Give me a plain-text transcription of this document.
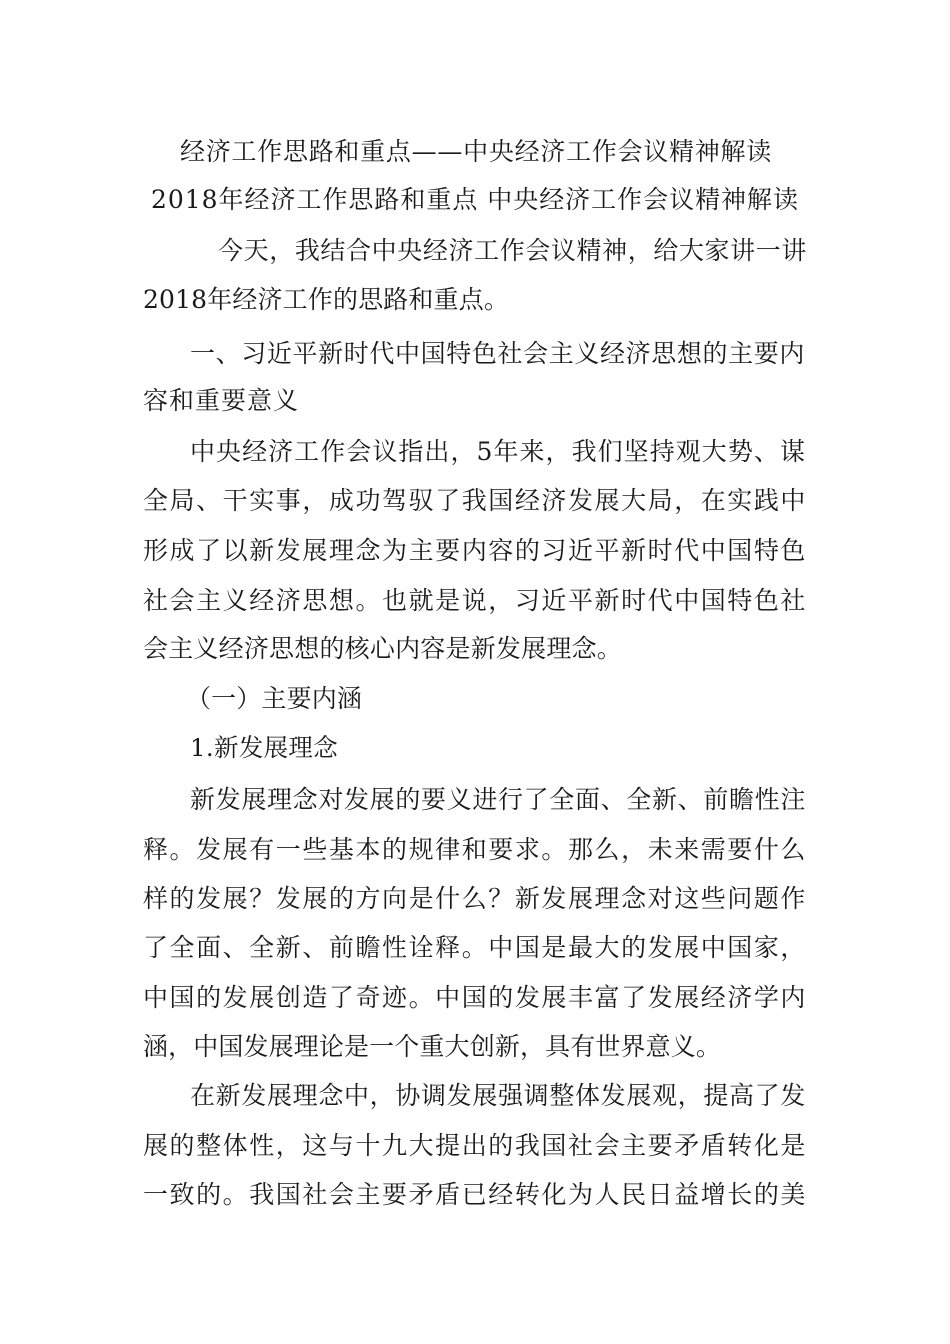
经济工作思路和重点——中央经济工作会议精神解读
2018年经济工作思路和重点 中央经济工作会议精神解读
今天，我结合中央经济工作会议精神，给大家讲一讲
2018年经济工作的思路和重点。
一、习近平新时代中国特色社会主义经济思想的主要内
容和重要意义
中央经济工作会议指出，5年来，我们坚持观大势、谋
全局、干实事，成功驾驭了我国经济发展大局，在实践中
形成了以新发展理念为主要内容的习近平新时代中国特色
社会主义经济思想。也就是说，习近平新时代中国特色社
会主义经济思想的核心内容是新发展理念。
（一）主要内涵
1.新发展理念
新发展理念对发展的要义进行了全面、全新、前瞻性注
释。发展有一些基本的规律和要求。那么，未来需要什么
样的发展？发展的方向是什么？新发展理念对这些问题作
了全面、全新、前瞻性诠释。中国是最大的发展中国家，
中国的发展创造了奇迹。中国的发展丰富了发展经济学内
涵，中国发展理论是一个重大创新，具有世界意义。
在新发展理念中，协调发展强调整体发展观，提高了发
展的整体性，这与十九大提出的我国社会主要矛盾转化是
一致的。我国社会主要矛盾已经转化为人民日益增长的美
